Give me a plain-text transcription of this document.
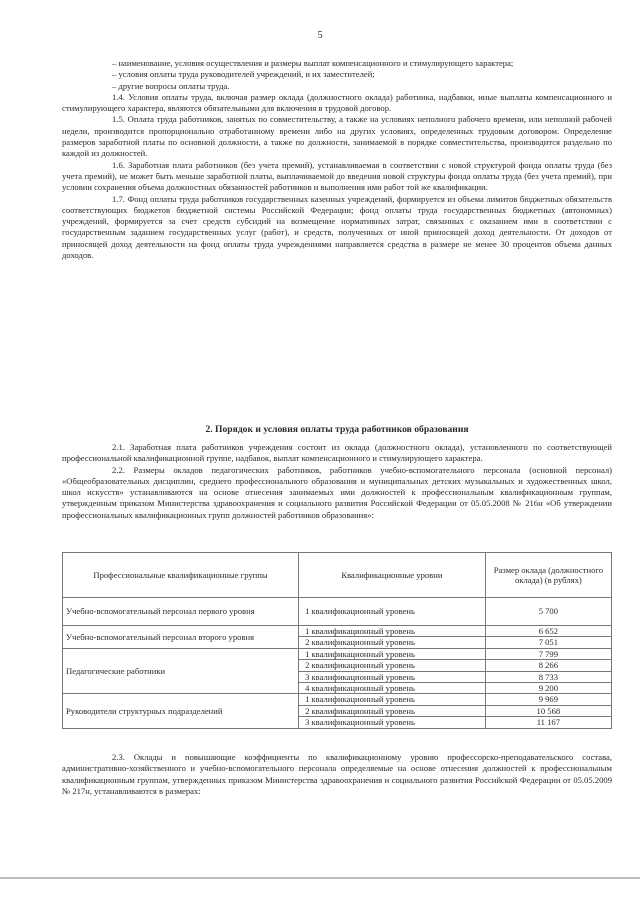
5

– наименование, условия осуществления и размеры выплат компенсационного и стимулирующего характера;

– условия оплаты труда руководителей учреждений, и их заместителей;

– другие вопросы оплаты труда.

1.4. Условия оплаты труда, включая размер оклада (должностного оклада) работника, надбавки, иные выплаты компенсационного и стимулирующего характера, являются обязательными для включения в трудовой договор.

1.5. Оплата труда работников, занятых по совместительству, а также на условиях неполного рабочего времени, или неполной рабочей недели, производится пропорционально отработанному времени либо на других условиях, определенных трудовым договором. Определение размеров заработной платы по основной должности, а также по должности, занимаемой в порядке совместительства, производится раздельно по каждой из должностей.

1.6. Заработная плата работников (без учета премий), устанавливаемая в соответствии с новой структурой фонда оплаты труда (без учета премий), не может быть меньше заработной платы, выплачиваемой до введения новой структуры фонда оплаты труда (без учета премий), при условии сохранения объема должностных обязанностей работников и выполнения ими работ той же квалификации.

1.7. Фонд оплаты труда работников государственных казенных учреждений, формируется из объема лимитов бюджетных обязательств соответствующих бюджетов бюджетной системы Российской Федерации; фонд оплаты труда государственных бюджетных (автономных) учреждений, формируется за счет средств субсидий на возмещение нормативных затрат, связанных с оказанием ими в соответствии с государственным заданием государственных услуг (работ), и средств, полученных от иной приносящей доход деятельности. От доходов от приносящей доход деятельности на фонд оплаты труда учреждениями направляется средства в размере не менее 30 процентов объема данных доходов.

2. Порядок и условия оплаты труда работников образования

2.1. Заработная плата работников учреждения состоит из оклада (должностного оклада), установленного по соответствующей профессиональной квалификационной группе, надбавок, выплат компенсационного и стимулирующего характера.

2.2. Размеры окладов педагогических работников, работников учебно-вспомогательного персонала (основной персонал) «Общеобразовательных дисциплин, среднего профессионального образования и муниципальных детских музыкальных и художественных школ, школ искусств» устанавливаются на основе отнесения занимаемых ими должностей к профессиональным квалификационным группам, утвержденным приказом Министерства здравоохранения и социального развития Российской Федерации от 05.05.2008 № 216н «Об утверждении профессиональных квалификационных групп должностей работников образования»:

Профессиональные квалификационные группы	Квалификационные уровни	Размер оклада (должностного оклада) (в рублях)
Учебно-вспомогательный персонал первого уровня	1 квалификационный уровень	5 700
Учебно-вспомогательный персонал второго уровня	1 квалификационный уровень	6 652
	2 квалификационный уровень	7 051
Педагогические работники	1 квалификационный уровень	7 799
	2 квалификационный уровень	8 266
	3 квалификационный уровень	8 733
	4 квалификационный уровень	9 200
Руководители структурных подразделений	1 квалификационный уровень	9 969
	2 квалификационный уровень	10 568
	3 квалификационный уровень	11 167

2.3. Оклады и повышающие коэффициенты по квалификационному уровню профессорско-преподавательского состава, административно-хозяйственного и учебно-вспомогательного персонала определяемые на основе отнесения должностей к профессиональным квалификационным группам, утвержденных приказом Министерства здравоохранения и социального развития Российской Федерации от 05.05.2009 № 217н, устанавливаются в размерах:
